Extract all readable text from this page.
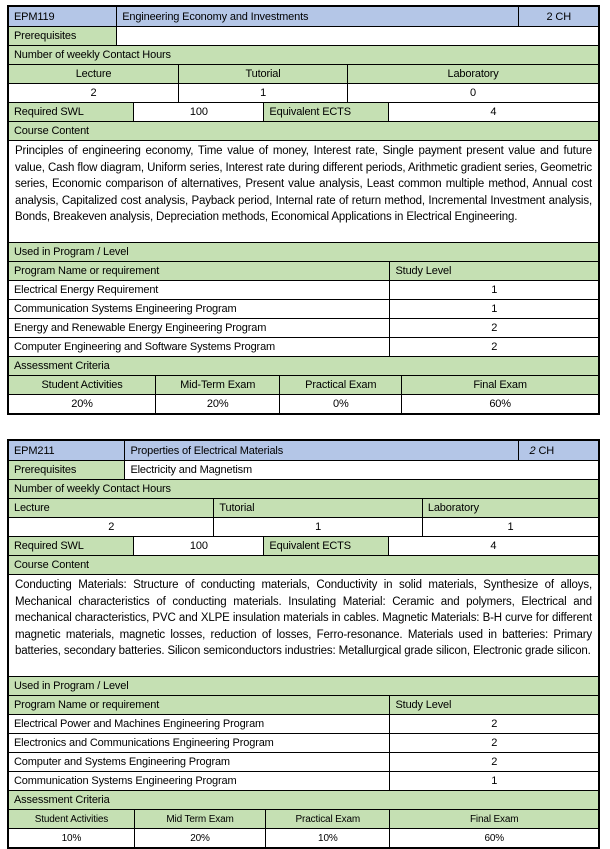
EPM119	Engineering Economy and Investments	2 CH
Prerequisites
Number of weekly Contact Hours
Lecture	Tutorial	Laboratory
2	1	0
Required SWL	100	Equivalent ECTS	4
Course Content
Principles of engineering economy, Time value of money, Interest rate, Single payment present value and future value, Cash flow diagram, Uniform series, Interest rate during different periods, Arithmetic gradient series, Geometric series, Economic comparison of alternatives, Present value analysis, Least common multiple method, Annual cost analysis, Capitalized cost analysis, Payback period, Internal rate of return method, Incremental Investment analysis, Bonds, Breakeven analysis, Depreciation methods, Economical Applications in Electrical Engineering.
Used in Program / Level
Program Name or requirement	Study Level
Electrical Energy Requirement	1
Communication Systems Engineering Program	1
Energy and Renewable Energy Engineering Program	2
Computer Engineering and Software Systems Program	2
Assessment Criteria
Student Activities	Mid-Term Exam	Practical Exam	Final Exam
20%	20%	0%	60%
EPM211	Properties of Electrical Materials	2 CH
Prerequisites	Electricity and Magnetism
Number of weekly Contact Hours
Lecture	Tutorial	Laboratory
2	1	1
Required SWL	100	Equivalent ECTS	4
Course Content
Conducting Materials: Structure of conducting materials, Conductivity in solid materials, Synthesize of alloys, Mechanical characteristics of conducting materials. Insulating Material: Ceramic and polymers, Electrical and mechanical characteristics, PVC and XLPE insulation materials in cables. Magnetic Materials: B-H curve for different magnetic materials, magnetic losses, reduction of losses, Ferro-resonance. Materials used in batteries: Primary batteries, secondary batteries. Silicon semiconductors industries: Metallurgical grade silicon, Electronic grade silicon.
Used in Program / Level
Program Name or requirement	Study Level
Electrical Power and Machines Engineering Program	2
Electronics and Communications Engineering Program	2
Computer and Systems Engineering Program	2
Communication Systems Engineering Program	1
Assessment Criteria
Student Activities	Mid Term Exam	Practical Exam	Final Exam
10%	20%	10%	60%
